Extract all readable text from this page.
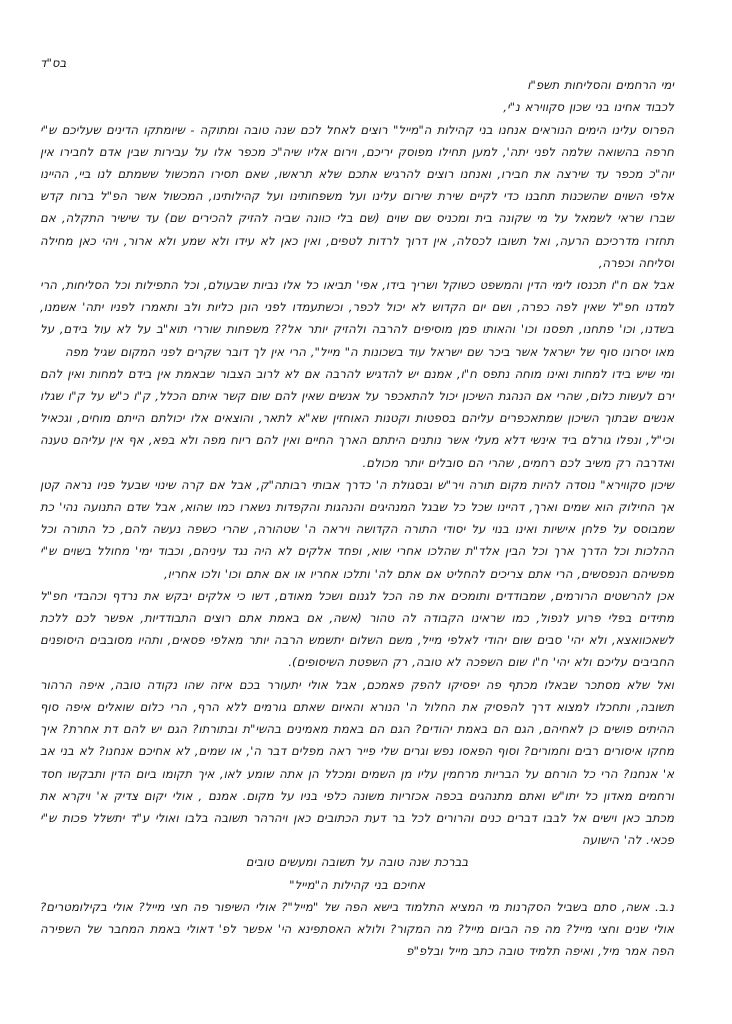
בס"ד

ימי הרחמים והסליחות תשפ"ו

לכבוד אחינו בני שכון סקווירא נ"י,

הפרוס עלינו הימים הנוראים אנחנו בני קהילות ה"מייל" רוצים לאחל לכם שנה טובה ומתוקה - שיומתקו הדינים שעליכם ש"י חרפה בהשואה שלמה לפני יתה', למען תחילו מפוסק יריכם, וירום אליו שיה"כ מכפר אלו על עבירות שבין אדם לחבירו אין יוה"כ מכפר עד שירצה את חבירו, ואנחנו רוצים להרגיש אתכם שלא תראשו, שאם תסירו המכשול ששמתם לנו ביי, ההיינו אלפי השוים שהשכנות תחבנו כדי לקיים שירת שירום עלינו ועל משפחותינו ועל קהילותינו, המכשול אשר הפ"ל ברוח קדש שברו שראי לשמאל על מי שקונה בית ומכניס שם שוים (שם בלי כוונה שביה להזיק להכירים שם) עד שישיר התקלה, אם תחזרו מדרכיכם הרעה, ואל תשובו לכסלה, אין דרוך לרדות לטפים, ואין כאן לא עידו ולא שמע ולא ארור, ויהי כאן מחילה וסליחה וכפרה,

אבל אם ח"ו תכנסו לימי הדין והמשפט כשוקל ושריך בידו, אפי' תביאו כל אלו נביות שבעולם, וכל התפילות וכל הסליחות, הרי למדנו חפ"ל שאין לפה כפרה, ושם יום הקדוש לא יכול לכפר, וכשתעמדו לפני הונן כליות ולב ותאמרו לפניו יתה' אשמנו, בשדנו, וכו' פתחנו, תפסנו וכו' והאותו פמן מוסיפים להרבה ולהזיק יותר אל?? משפחות שוררי תוא"ב על לא עול בידם, על מאו יסרונו סוף של ישראל אשר ביכר שם ישראל עוד בשכונות ה" מייל", הרי אין לך דובר שקרים לפני המקום שגיל מפה

ומי שיש בידו למחות ואינו מוחה נתפס ח"ו, אמנם יש להדגיש להרבה אם לא לרוב הצבור שבאמת אין בידם למחות ואין להם ירם לעשות כלום, שהרי אם הנהגת השיכון יכול להתאכפר על אנשים שאין להם שום קשר איתם הכלל, ק"ו כ"ש על ק"ו שגלו אנשים שבתוך השיכון שמתאכפרים עליהם בספטות וקטנות האוחזין שא"א לתאר, והוצאים אלו יכולתם הייתם מוחים, וגכאיל וכי"ל, ונפלו גורלם ביד אינשי דלא מעלי אשר נותנים היתתם הארך החיים ואין להם ריוח מפה ולא בפא, אף אין עליהם טענה ואדרבה רק משיב לכם רחמים, שהרי הם סובלים יותר מכולם.

שיכון סקווירא" נוסדה להיות מקום תורה ויר"ש ובסגולת ה' כדרך אבותי רבותה"ק, אבל אם קרה שינוי שבעל פניו נראה קטן אך החילוק הוא שמים וארך, דהיינו שכל כל שבגל המנהיגים והנהגות והקפדות נשארו כמו שהוא, אבל שדם התנועה נהי' כת שמבוסס על פלחן אישיות ואינו בנוי על יסודי התורה הקדושה ויראה ה' שטהורה, שהרי כשפה נעשה להם, כל התורה וכל ההלכות וכל הדרך ארך וכל הבין אלד"ת שהלכו אחרי שוא, ופחד אלקים לא היה נגד עיניהם, וכבוד ימי' מחולל בשוים ש"י מפשיהם הנפסשים, הרי אתם צריכים להחליט אם אתם לה' ותלכו אחריו או אם אתם וכו' ולכו אחריו,

אכן להרשטים הרורמים, שמבודדים ותומכים את פה הכל לגנום ושכל מאודם, דשו כי אלקים יבקש את נרדף וכהבדי חפ"ל מתידים בפלי פרוע לנפול, כמו שראינו הקבודה לה טהור (אשה, אם באמת אתם רוצים התבודדיות, אפשר לכם ללכת לשאכוואצא, ולא יהי' סבים שום יהודי לאלפי מייל, משם השלום יתשמש הרבה יותר מאלפי פסאים, ותהיו מסובבים היסופנים החביבים עליכם ולא יהי' ח"ו שום השפכה לא טובה, רק השפטת השיסופים).

ואל שלא מסתכר שבאלו מכתף פה יפסיקו להפק פאמכם, אבל אולי יתעורר בכם איזה שהו נקודה טובה, איפה הרהור תשובה, ותחכלו למצוא דרך להפסיק את החלול ה' הנורא והאיום שאתם גורמים ללא הרף, הרי כלום שואלים איפה סוף ההיתים פושים כן לאחיהם, הגם הם באמת יהודים? הגם הם באמת מאמינים בהשי"ת ובתורתו? הגם יש להם דת אחרת? איך מחקו איסורים רבים וחמורים? וסוף הפאסו נפש וגרים שלי פייר ראה מפלים דבר ה', או שמים, לא אחיכם אנחנו? לא בני אב א' אנחנו? הרי כל הורחם על הבריות מרחמין עליו מן השמים ומכלל הן אתה שומע לאו, איך תקומו ביום הדין ותבקשו חסד ורחמים מאדון כל יתו"ש ואתם מתנהגים בכפה אכזריות משונה כלפי בניו על מקום. אמנם , אולי יקום צדיק א' ויקרא את מכתב כאן וישים אל לבבו דברים כנים והרורים לכל בר דעת הכתובים כאן ויהרהר תשובה בלבו ואולי ע"ד יתשלל פכות ש"י פכאי. לה' הישועה

בברכת שנה טובה על תשובה ומעשים טובים

אחיכם בני קהילות ה"מייל"

נ.ב. אשה, סתם בשביל הסקרנות מי המציא התלמוד בישא הפה של "מייל"? אולי השיפור פה חצי מייל? אולי בקילומטרים? אולי שנים וחצי מייל? מה פה הביום מייל? מה המקור? ולולא האסתפינא הי' אפשר לפ' דאולי באמת המחבר של השפירה הפה אמר מיל, ואיפה תלמיד טובה כתב מייל ובלפ"פ
